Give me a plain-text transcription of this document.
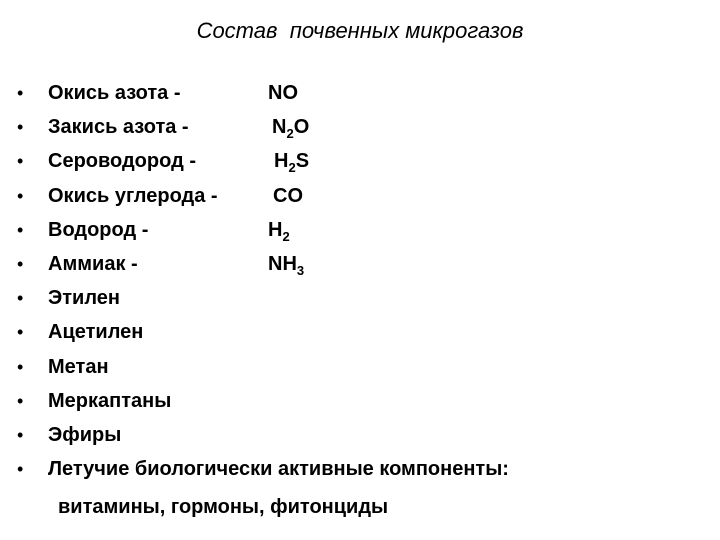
Состав  почвенных микрогазов
• Окись азота -	NO
• Закись азота -	$N_2O$
• Сероводород -	$H_2S$
• Окись углерода -	CO
• Водород -	$H_2$
• Аммиак -	$NH_3$
• Этилен
• Ацетилен
• Метан
• Меркаптаны
• Эфиры
• Летучие биологически активные компоненты:
витамины, гормоны, фитонциды
